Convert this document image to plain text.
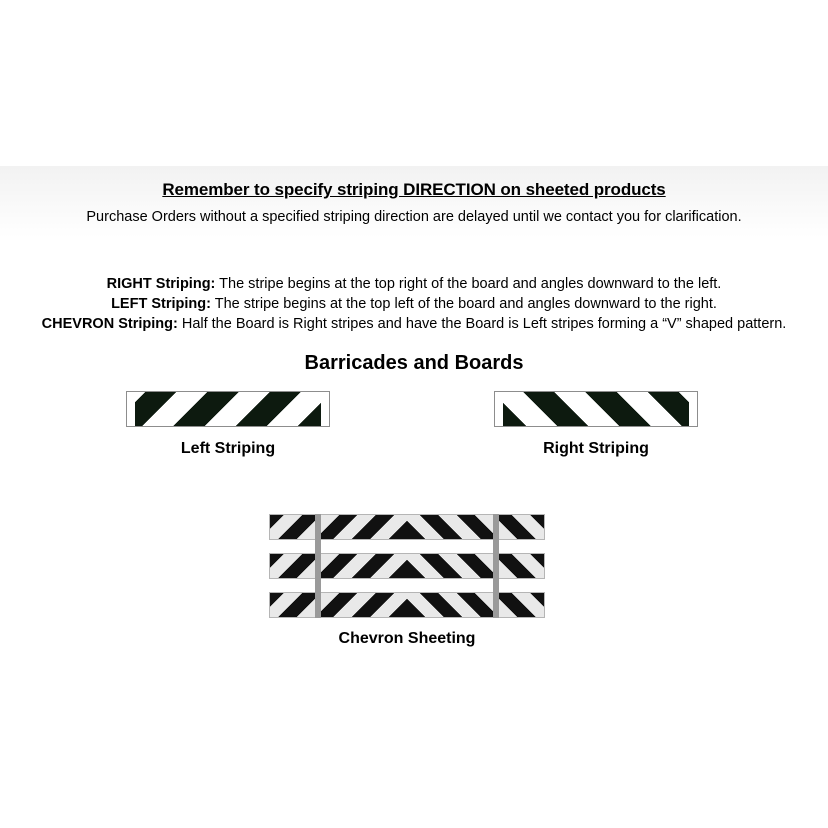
Remember to specify striping DIRECTION on sheeted products
Purchase Orders without a specified striping direction are delayed until we contact you for clarification.
RIGHT Striping: The stripe begins at the top right of the board and angles downward to the left.
LEFT Striping: The stripe begins at the top left of the board and angles downward to the right.
CHEVRON Striping: Half the Board is Right stripes and have the Board is Left stripes forming a “V” shaped pattern.
Barricades and Boards
Left Striping	Right Striping
Chevron Sheeting
